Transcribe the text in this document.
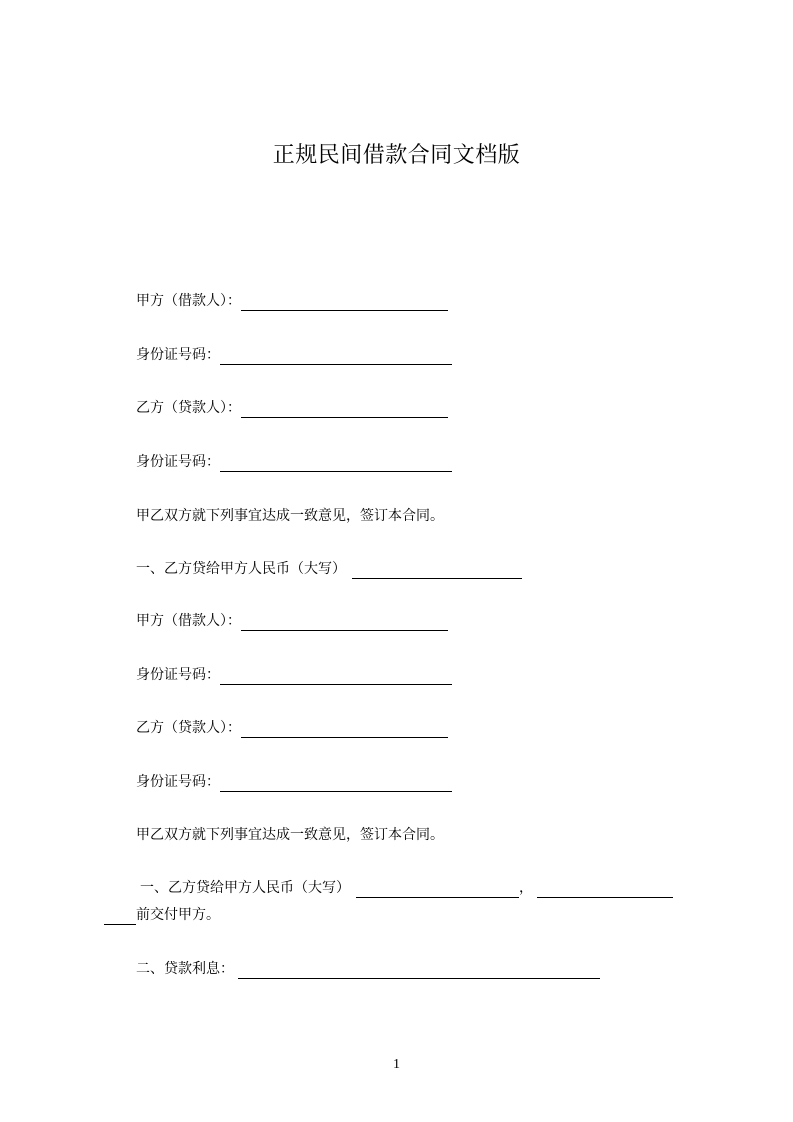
正规民间借款合同文档版
甲方（借款人）：
身份证号码：
乙方（贷款人）：
身份证号码：
甲乙双方就下列事宜达成一致意见，签订本合同。
一、乙方贷给甲方人民币（大写）
甲方（借款人）：
身份证号码：
乙方（贷款人）：
身份证号码：
甲乙双方就下列事宜达成一致意见，签订本合同。
一、乙方贷给甲方人民币（大写）	，
前交付甲方。
二、贷款利息：
1
